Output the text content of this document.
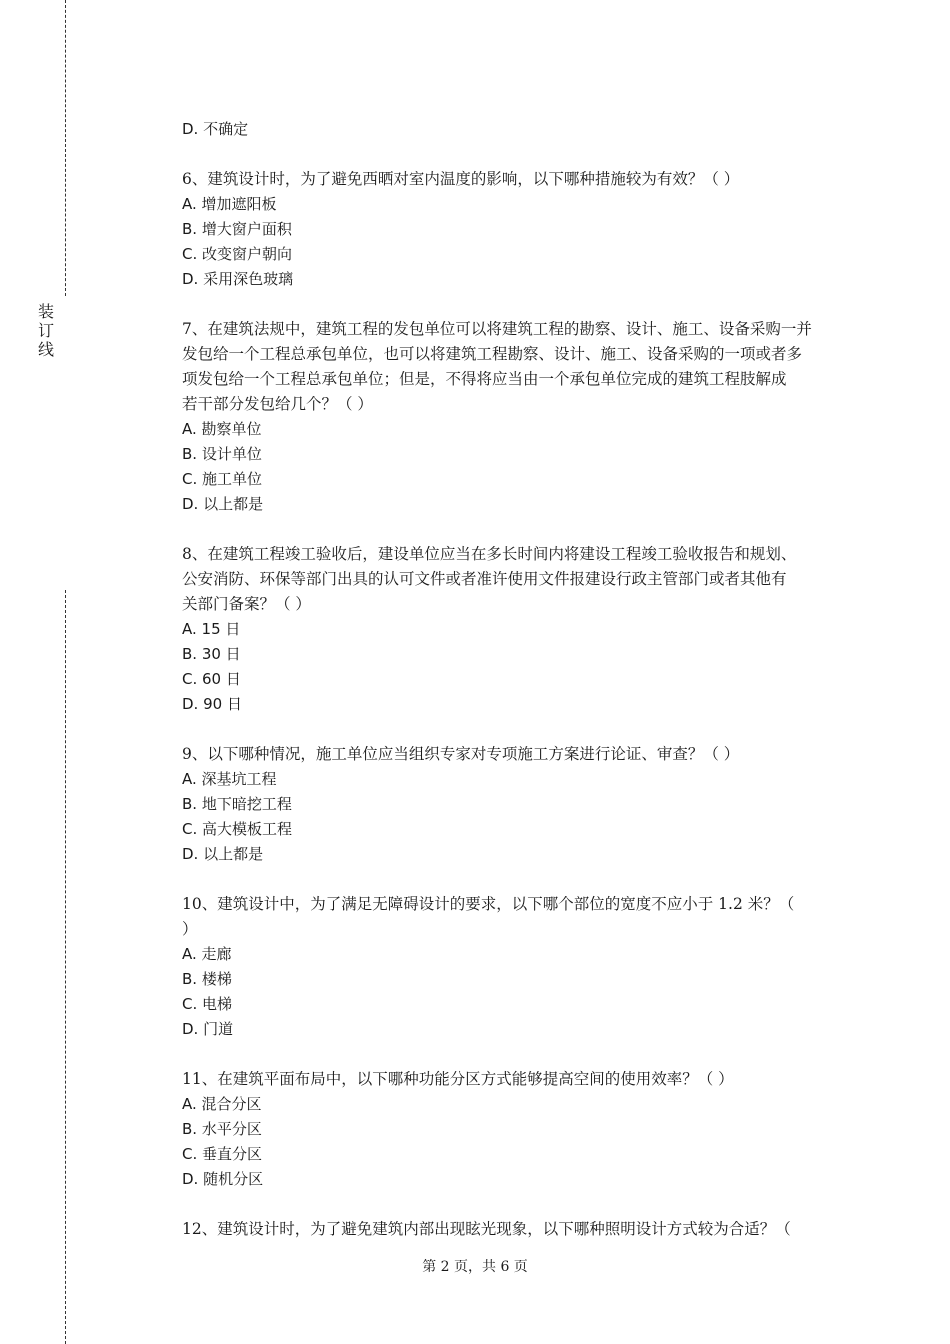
装
订
线
D. 不确定
6、建筑设计时，为了避免西晒对室内温度的影响，以下哪种措施较为有效？（ ）
A. 增加遮阳板
B. 增大窗户面积
C. 改变窗户朝向
D. 采用深色玻璃
7、在建筑法规中，建筑工程的发包单位可以将建筑工程的勘察、设计、施工、设备采购一并
发包给一个工程总承包单位，也可以将建筑工程勘察、设计、施工、设备采购的一项或者多
项发包给一个工程总承包单位；但是，不得将应当由一个承包单位完成的建筑工程肢解成
若干部分发包给几个？（ ）
A. 勘察单位
B. 设计单位
C. 施工单位
D. 以上都是
8、在建筑工程竣工验收后，建设单位应当在多长时间内将建设工程竣工验收报告和规划、
公安消防、环保等部门出具的认可文件或者准许使用文件报建设行政主管部门或者其他有
关部门备案？（ ）
A. 15 日
B. 30 日
C. 60 日
D. 90 日
9、以下哪种情况，施工单位应当组织专家对专项施工方案进行论证、审查？（ ）
A. 深基坑工程
B. 地下暗挖工程
C. 高大模板工程
D. 以上都是
10、建筑设计中，为了满足无障碍设计的要求，以下哪个部位的宽度不应小于 1.2 米？（
）
A. 走廊
B. 楼梯
C. 电梯
D. 门道
11、在建筑平面布局中，以下哪种功能分区方式能够提高空间的使用效率？（ ）
A. 混合分区
B. 水平分区
C. 垂直分区
D. 随机分区
12、建筑设计时，为了避免建筑内部出现眩光现象，以下哪种照明设计方式较为合适？（
第 2 页，共 6 页
